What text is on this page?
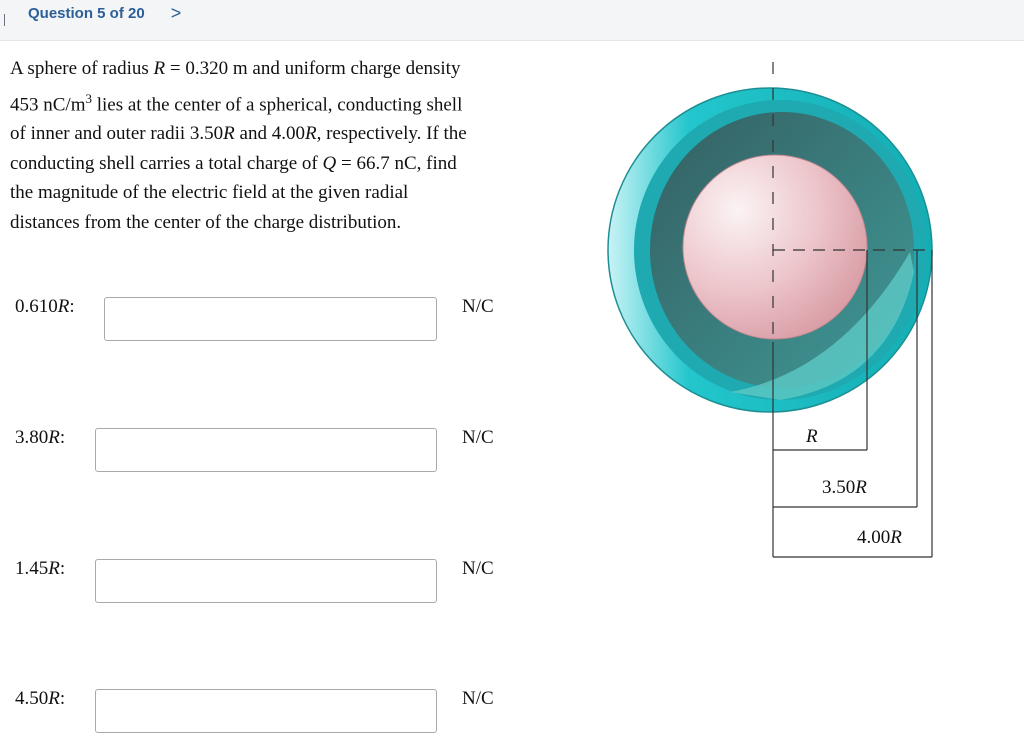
Question 5 of 20 >

A sphere of radius R = 0.320 m and uniform charge density

453 $nC/m^3$ lies at the center of a spherical, conducting shell

of inner and outer radii 3.50R and 4.00R, respectively. If the

conducting shell carries a total charge of Q = 66.7 nC, find

the magnitude of the electric field at the given radial

distances from the center of the charge distribution.

0.610R:	N/C
3.80R:	N/C
1.45R:	N/C
4.50R:	N/C
R
3.50R
4.00R
